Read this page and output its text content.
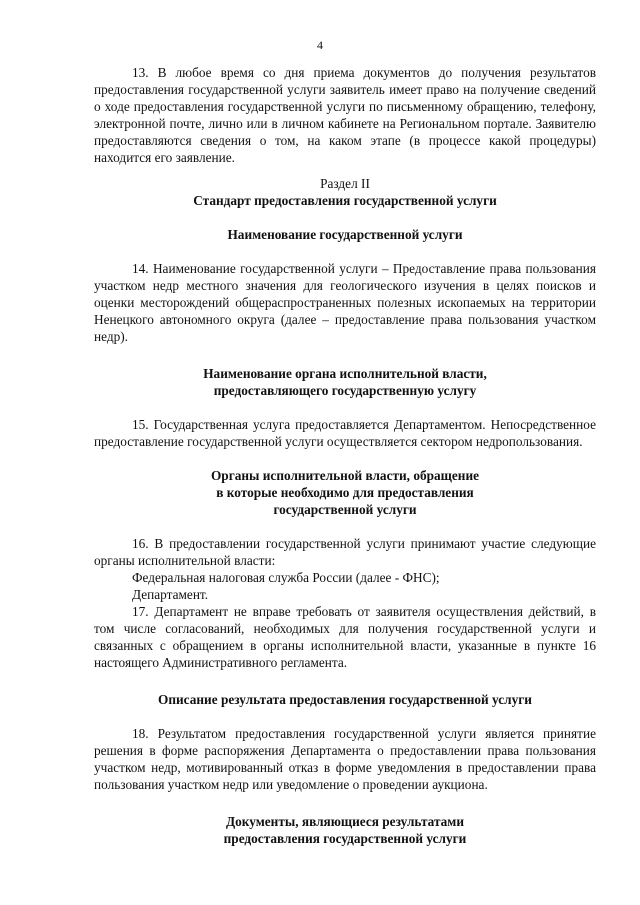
4

13. В любое время со дня приема документов до получения результатов предоставления государственной услуги заявитель имеет право на получение сведений о ходе предоставления государственной услуги по письменному обращению, телефону, электронной почте, лично или в личном кабинете на Региональном портале. Заявителю предоставляются сведения о том, на каком этапе (в процессе какой процедуры) находится его заявление.

Раздел II

Стандарт предоставления государственной услуги

Наименование государственной услуги

14. Наименование государственной услуги – Предоставление права пользования участком недр местного значения для геологического изучения в целях поисков и оценки месторождений общераспространенных полезных ископаемых на территории Ненецкого автономного округа (далее – предоставление права пользования участком недр).

Наименование органа исполнительной власти,

предоставляющего государственную услугу

15. Государственная услуга предоставляется Департаментом. Непосредственное предоставление государственной услуги осуществляется сектором недропользования.

Органы исполнительной власти, обращение

в которые необходимо для предоставления

государственной услуги

16. В предоставлении государственной услуги принимают участие следующие органы исполнительной власти:

Федеральная налоговая служба России (далее - ФНС);

Департамент.

17. Департамент не вправе требовать от заявителя осуществления действий, в том числе согласований, необходимых для получения государственной услуги и связанных с обращением в органы исполнительной власти, указанные в пункте 16 настоящего Административного регламента.

Описание результата предоставления государственной услуги

18. Результатом предоставления государственной услуги является принятие решения в форме распоряжения Департамента о предоставлении права пользования участком недр, мотивированный отказ в форме уведомления в предоставлении права пользования участком недр или уведомление о проведении аукциона.

Документы, являющиеся результатами

предоставления государственной услуги
